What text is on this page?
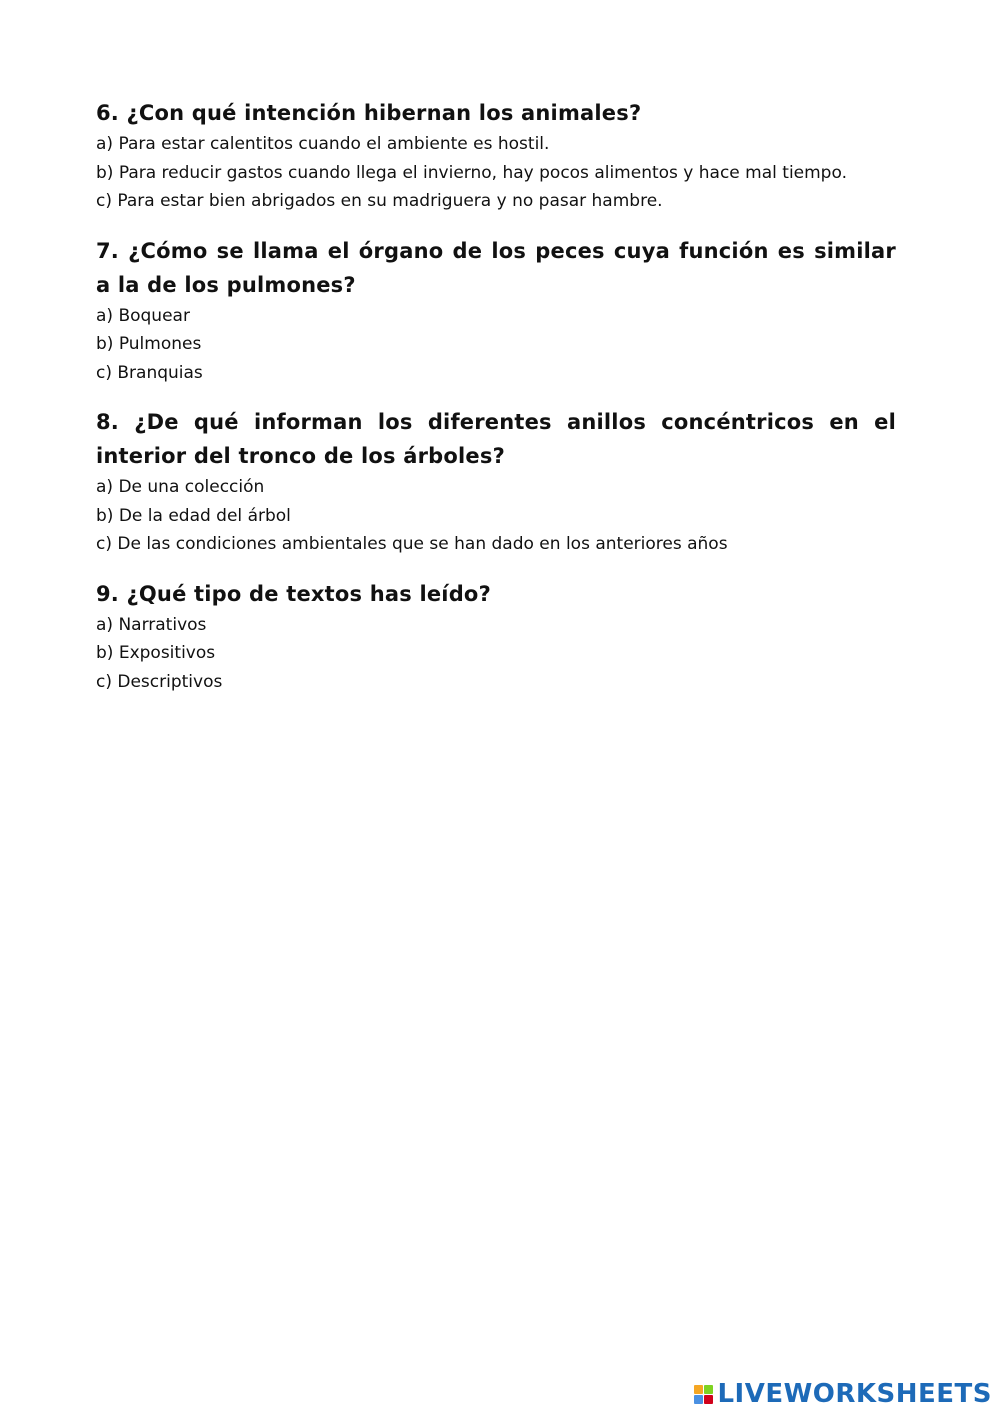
6. ¿Con qué intención hibernan los animales?

a) Para estar calentitos cuando el ambiente es hostil.
b) Para reducir gastos cuando llega el invierno, hay pocos alimentos y hace mal tiempo.
c) Para estar bien abrigados en su madriguera y no pasar hambre.

7. ¿Cómo se llama el órgano de los peces cuya función es similar a la de los pulmones?

a) Boquear
b) Pulmones
c) Branquias

8. ¿De qué informan los diferentes anillos concéntricos en el interior del tronco de los árboles?

a) De una colección
b) De la edad del árbol
c) De las condiciones ambientales que se han dado en los anteriores años

9. ¿Qué tipo de textos has leído?

a) Narrativos
b) Expositivos
c) Descriptivos
LIVEWORKSHEETS
